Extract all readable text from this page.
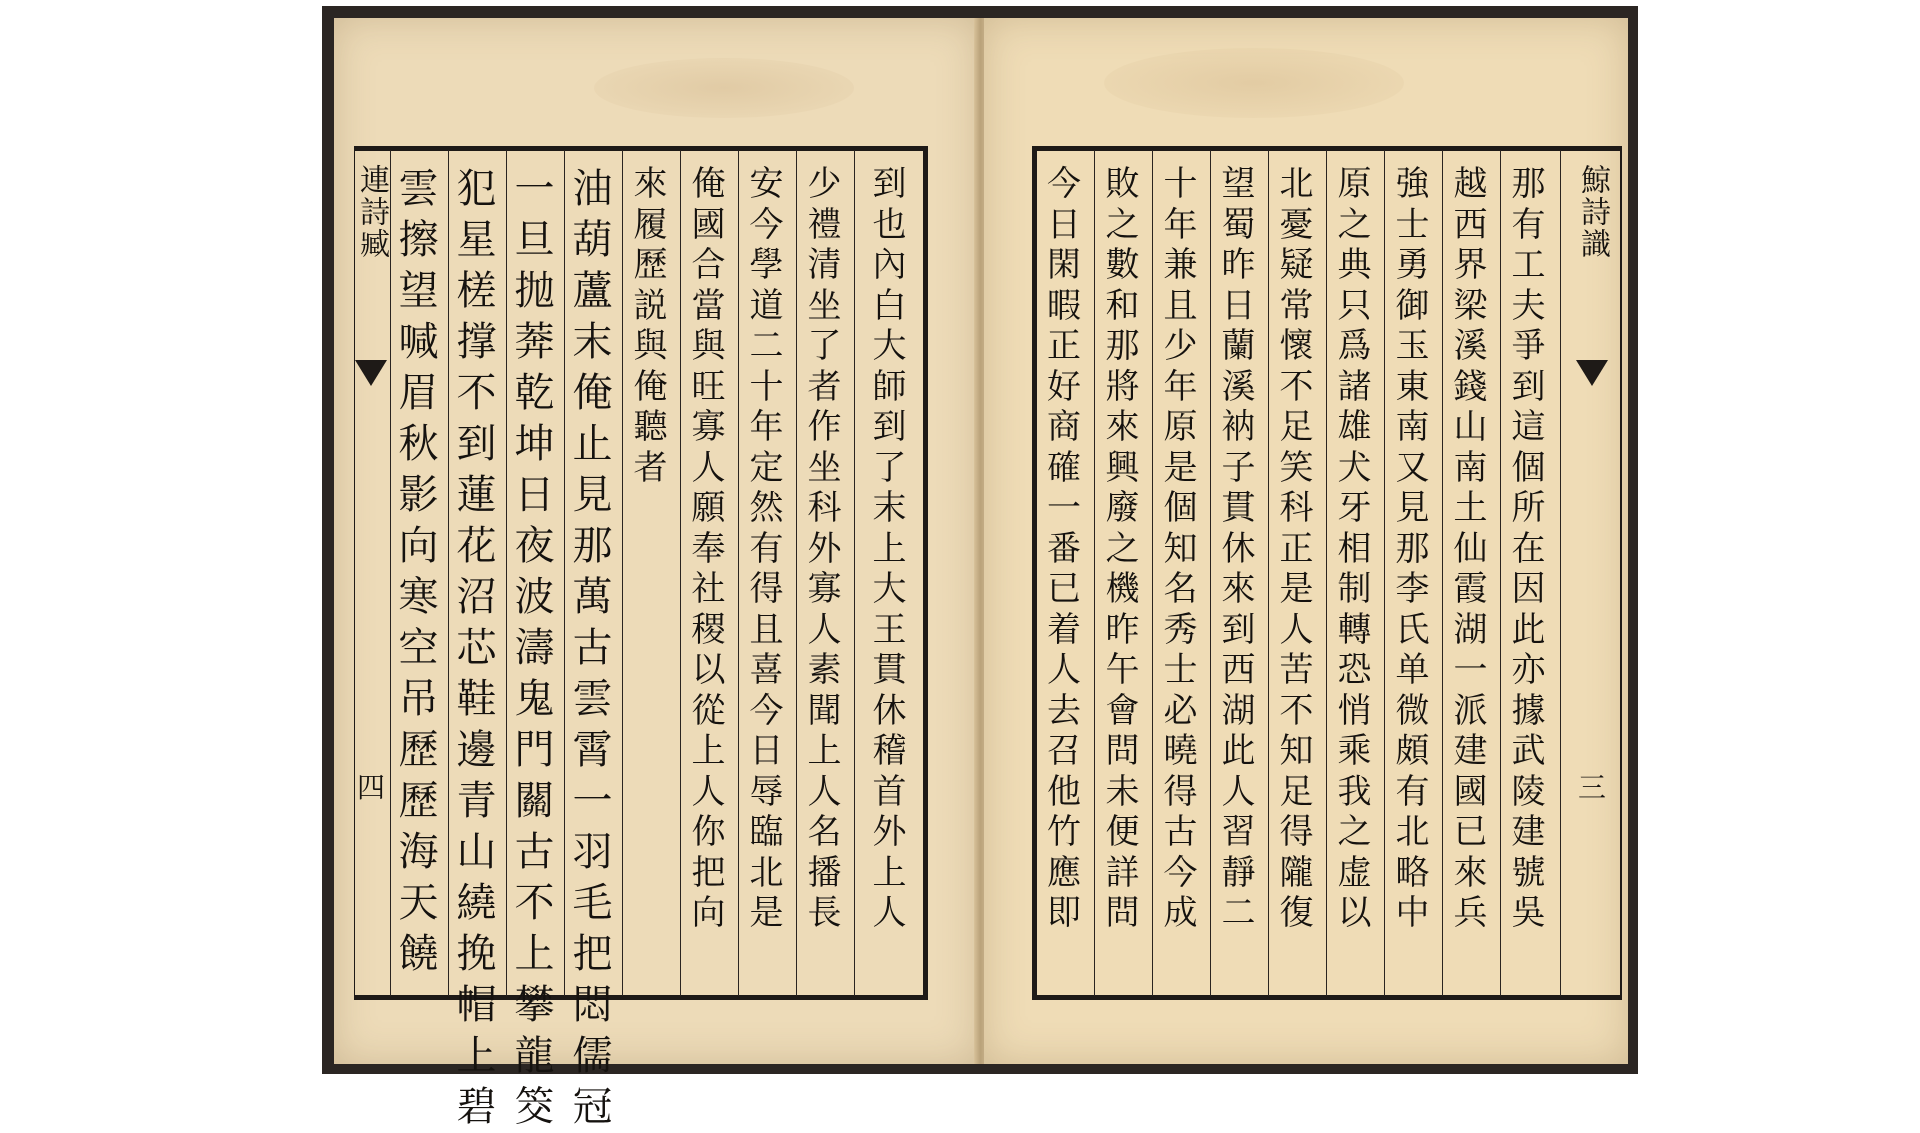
連詩臧
四
雲
擦
望
喊
眉
秋
影
向
寒
空
吊
歷
歷
海
天
饒
犯
星
槎
撑
不
到
蓮
花
沼
芯
鞋
邊
青
山
繞
挽
帽
上
碧
一
旦
抛
莾
乾
坤
日
夜
波
濤
鬼
門
關
古
不
上
攀
龍
筊
油
葫
蘆
末
俺
止
見
那
萬
古
雲
霄
一
羽
毛
把
悶
儒
冠
來
履
歷
説
與
俺
聽
者
俺
國
合
當
與
旺
寡
人
願
奉
社
稷
以
從
上
人
你
把
向
安
今
學
道
二
十
年
定
然
有
得
且
喜
今
日
辱
臨
北
是
少
禮
清
坐
了
者
作
坐
科
外
寡
人
素
聞
上
人
名
播
長
到
也
內
白
大
師
到
了
末
上
大
王
貫
休
稽
首
外
上
人
今
日
閑
暇
正
好
商
確
一
番
已
着
人
去
召
他
竹
應
即
敗
之
數
和
那
將
來
興
廢
之
機
昨
午
會
問
未
便
詳
問
十
年
兼
且
少
年
原
是
個
知
名
秀
士
必
曉
得
古
今
成
望
蜀
昨
日
蘭
溪
衲
子
貫
休
來
到
西
湖
此
人
習
靜
二
北
憂
疑
常
懷
不
足
笑
科
正
是
人
苦
不
知
足
得
隴
復
原
之
典
只
爲
諸
雄
犬
牙
相
制
轉
恐
悄
乘
我
之
虚
以
強
士
勇
御
玉
東
南
又
見
那
李
氏
单
微
頗
有
北
略
中
越
西
界
梁
溪
錢
山
南
土
仙
霞
湖
一
派
建
國
已
來
兵
那
有
工
夫
爭
到
這
個
所
在
因
此
亦
據
武
陵
建
號
吳
鯨詩識
三
